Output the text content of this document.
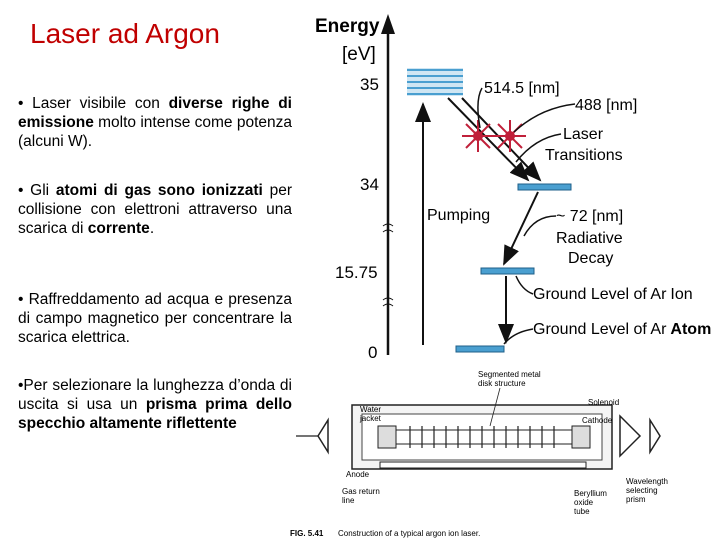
Laser ad Argon

• Laser visibile con diverse righe di emissione molto intense come potenza (alcuni W).

• Gli atomi di gas sono ionizzati per collisione con elettroni attraverso una scarica di corrente.

• Raffreddamento ad acqua e presenza di campo magnetico per concentrare la scarica elettrica.

•Per selezionare la lunghezza d’onda di uscita si usa un prisma prima dello specchio altamente riflettente

Energy
[eV]
35
34
15.75
0
Pumping
514.5 [nm]
488 [nm]
Laser
Transitions
~ 72 [nm]
Radiative
Decay
Ground Level of Ar Ion
Ground Level of Ar Atom
Segmented metal
disk structure
Solenoid
Water
jacket	Cathode
Anode
Gas return
line
Beryllium
oxide
tube
Wavelength
selecting
prism
FIG. 5.41 Construction of a typical argon ion laser.
